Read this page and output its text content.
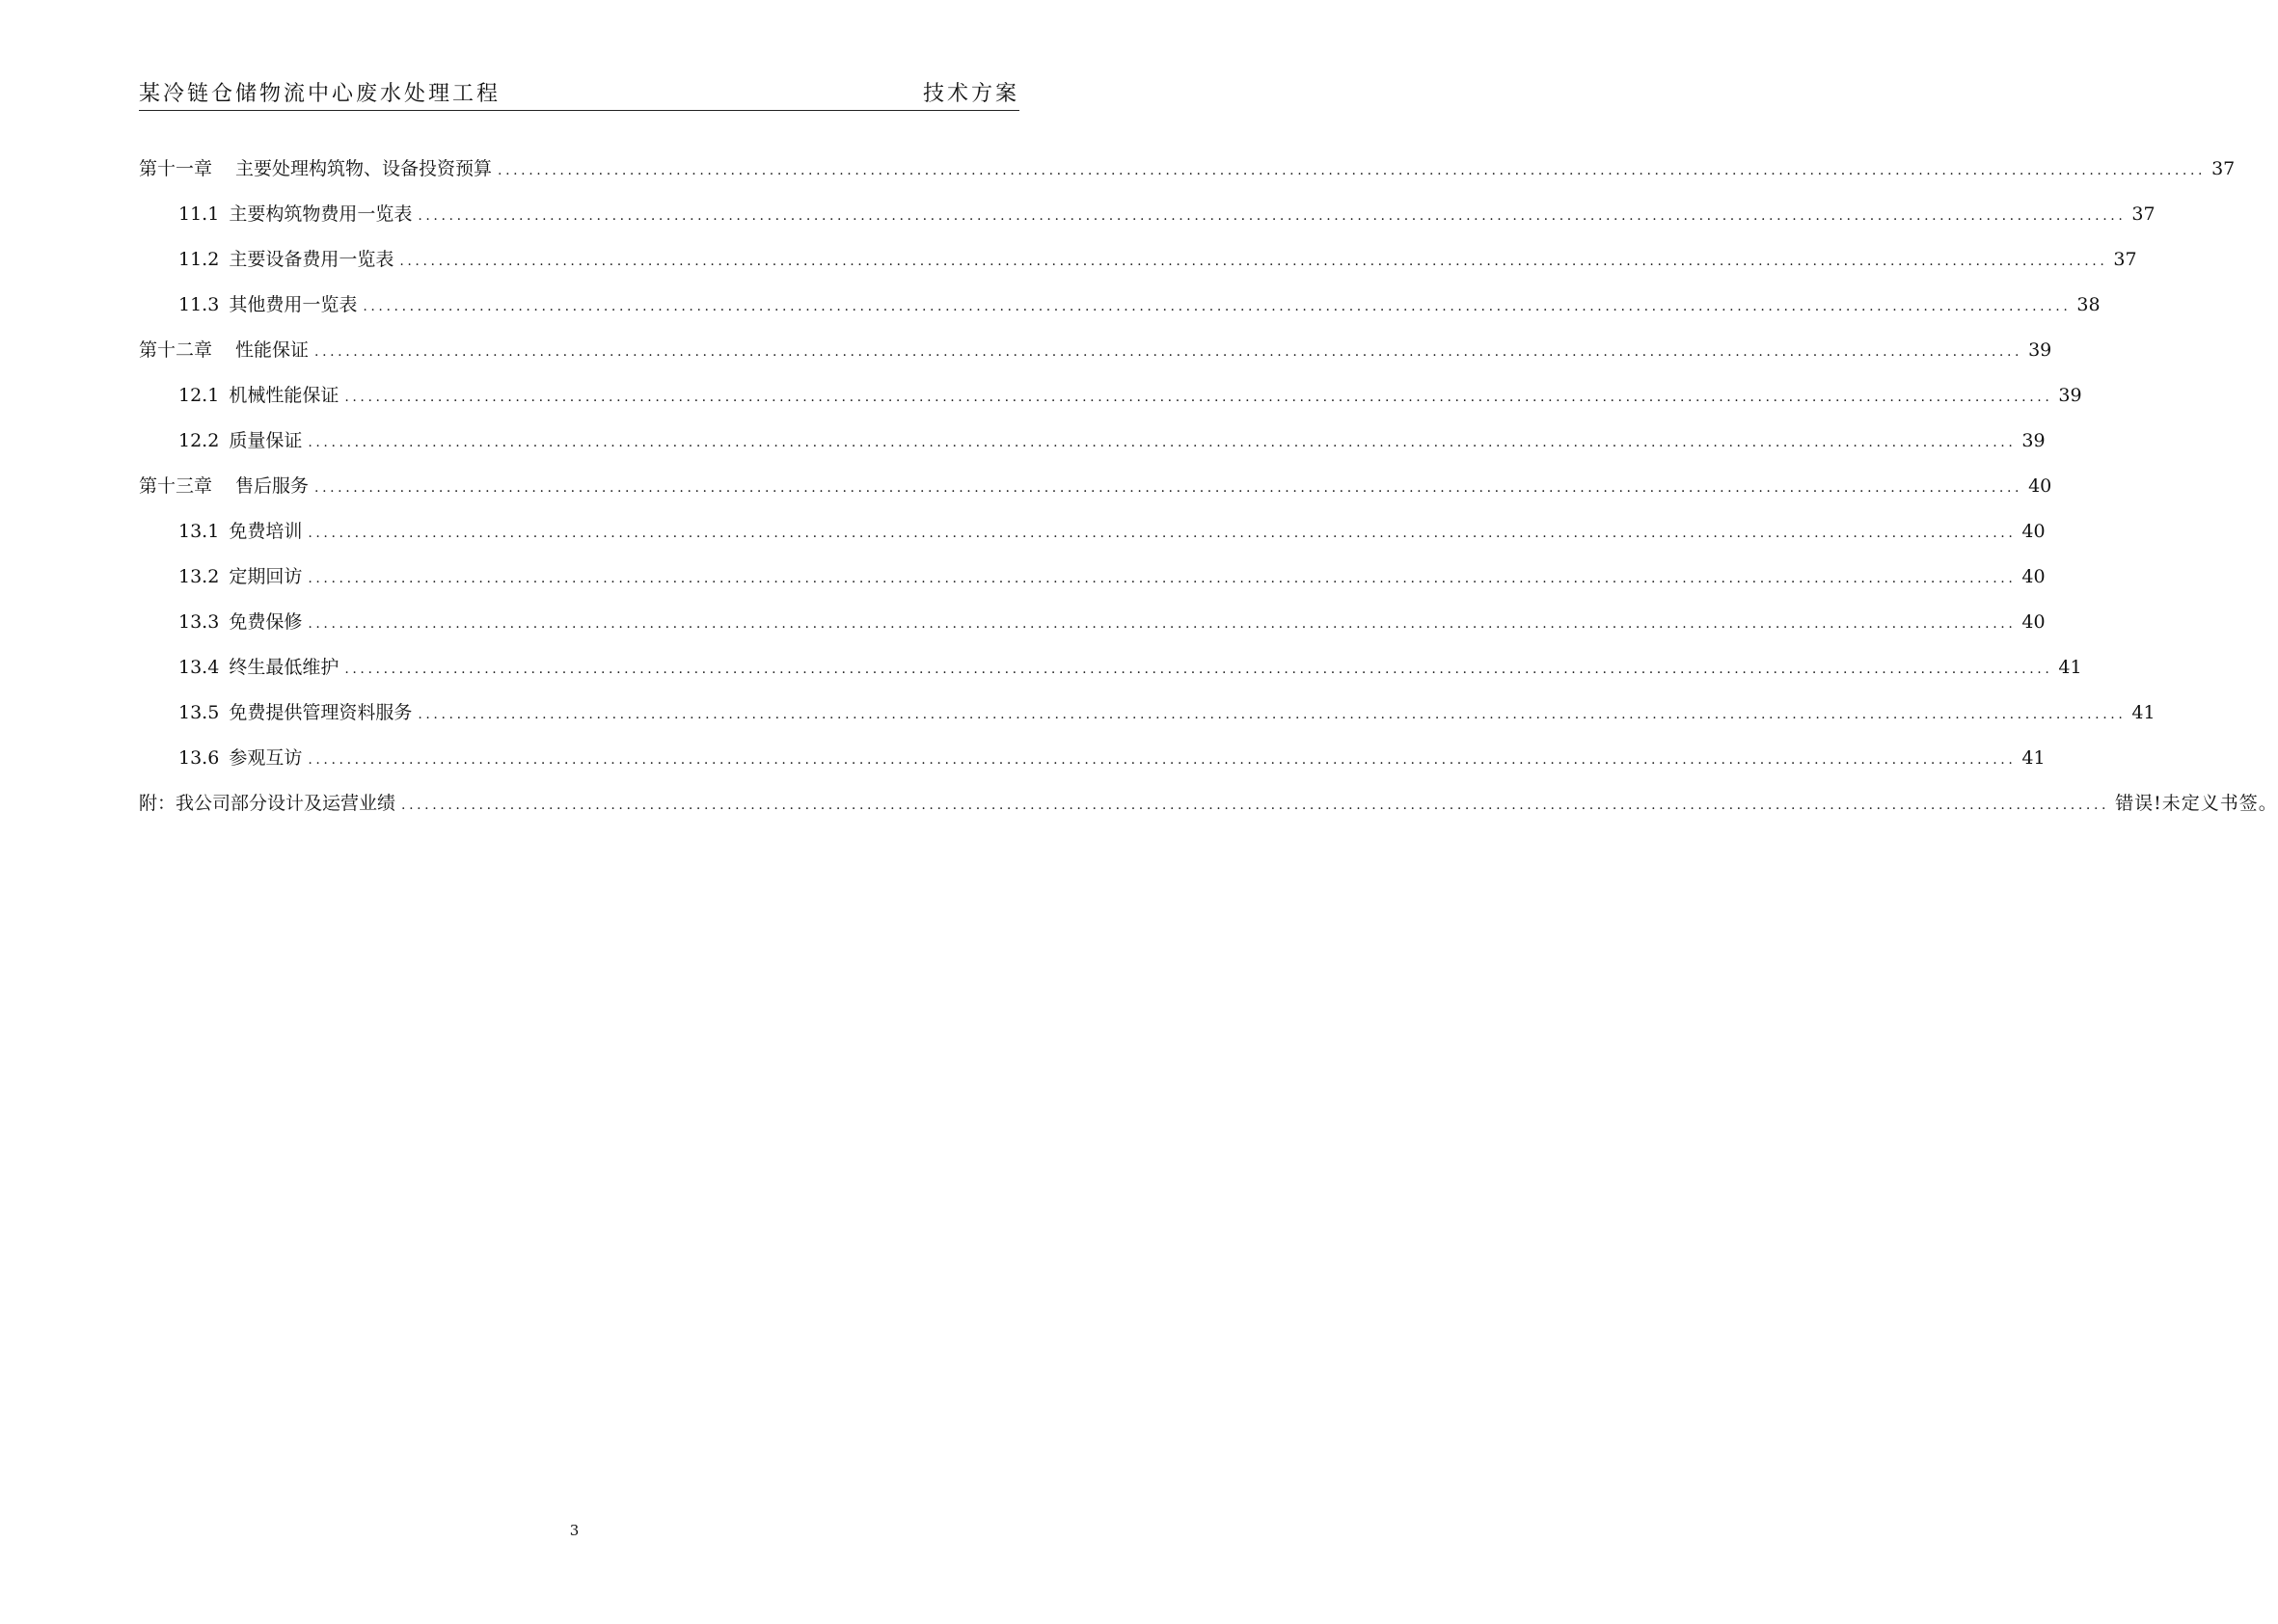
某冷链仓储物流中心废水处理工程	技术方案
第十一章 主要处理构筑物、设备投资预算 ............................................................................................................................................................................................................................ 37
11.1 主要构筑物费用一览表 ............................................................................................................................................................................................................................ 37
11.2 主要设备费用一览表 ............................................................................................................................................................................................................................ 37
11.3 其他费用一览表 ............................................................................................................................................................................................................................ 38
第十二章 性能保证 ............................................................................................................................................................................................................................ 39
12.1 机械性能保证 ............................................................................................................................................................................................................................ 39
12.2 质量保证 ............................................................................................................................................................................................................................ 39
第十三章 售后服务 ............................................................................................................................................................................................................................ 40
13.1 免费培训 ............................................................................................................................................................................................................................ 40
13.2 定期回访 ............................................................................................................................................................................................................................ 40
13.3 免费保修 ............................................................................................................................................................................................................................ 40
13.4 终生最低维护 ............................................................................................................................................................................................................................ 41
13.5 免费提供管理资料服务 ............................................................................................................................................................................................................................ 41
13.6 参观互访 ............................................................................................................................................................................................................................ 41
附：我公司部分设计及运营业绩 ............................................................................................................................................................................................................................ 错误!未定义书签。
3
